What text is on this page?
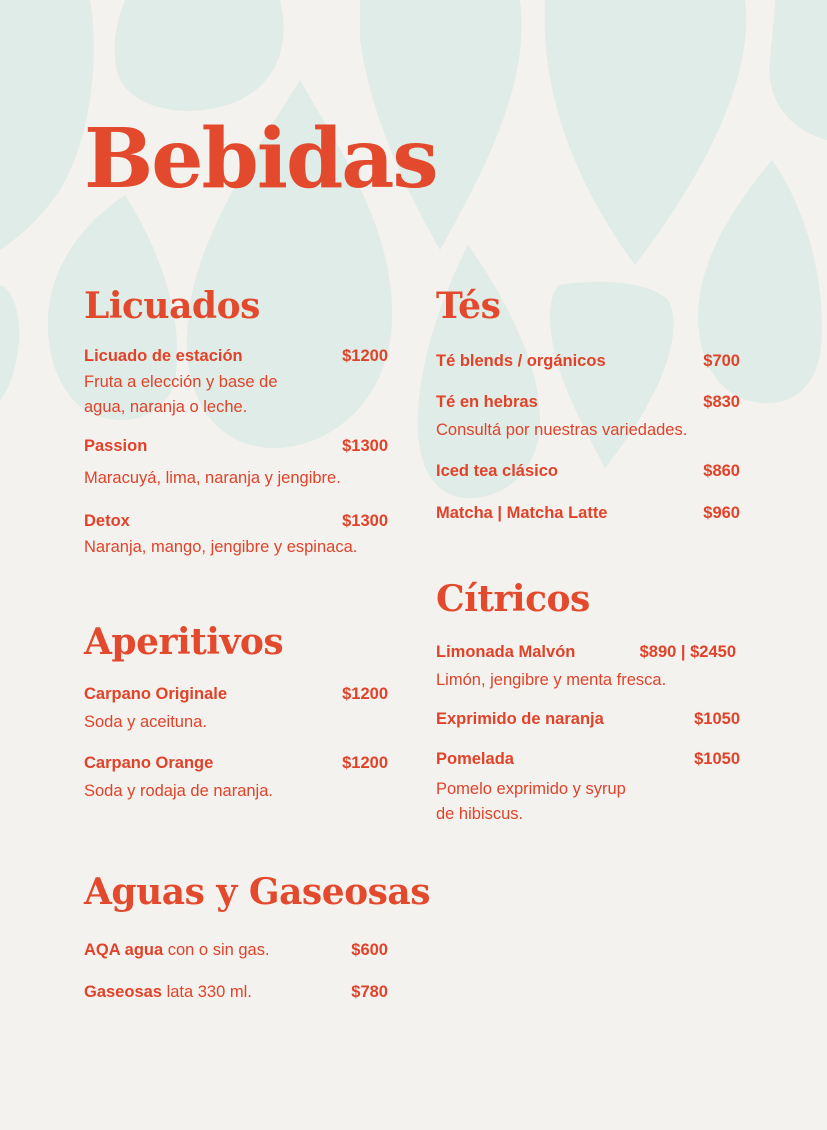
Bebidas
Licuados
Licuado de estación	$1200
Fruta a elección y base de
agua, naranja o leche.
Passion	$1300
Maracuyá, lima, naranja y jengibre.
Detox	$1300
Naranja, mango, jengibre y espinaca.
Aperitivos
Carpano Originale	$1200
Soda y aceituna.
Carpano Orange	$1200
Soda y rodaja de naranja.
Aguas y Gaseosas
AQA agua con o sin gas.	$600
Gaseosas lata 330 ml.	$780
Tés
Té blends / orgánicos	$700
Té en hebras	$830
Consultá por nuestras variedades.
Iced tea clásico	$860
Matcha | Matcha Latte	$960
Cítricos
Limonada Malvón	$890 | $2450
Limón, jengibre y menta fresca.
Exprimido de naranja	$1050
Pomelada	$1050
Pomelo exprimido y syrup
de hibiscus.
